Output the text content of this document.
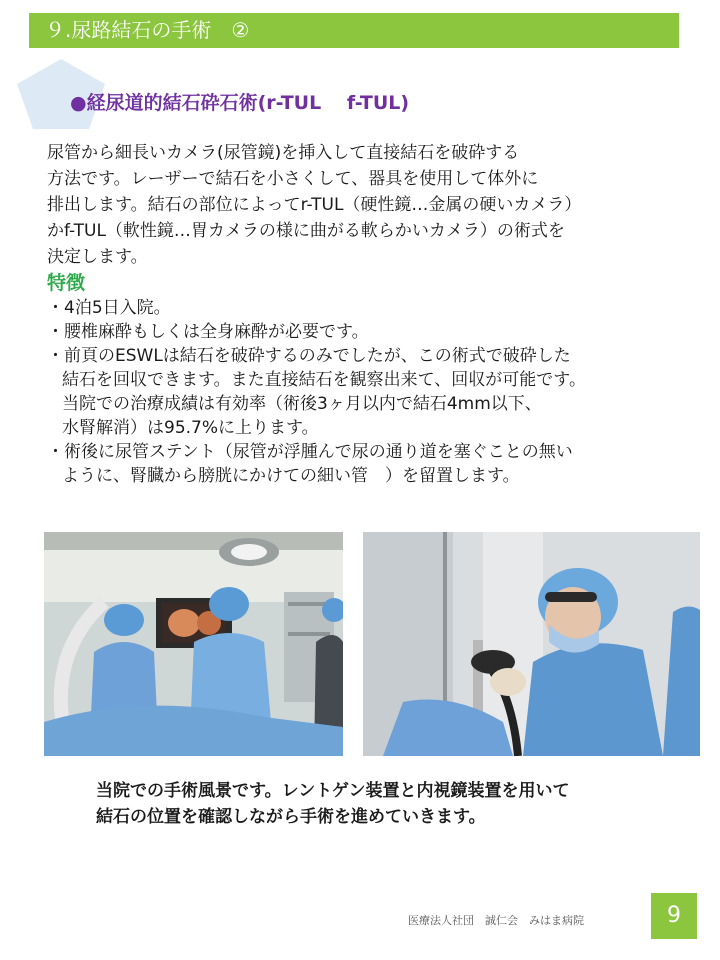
９.尿路結石の手術　②
●経尿道的結石砕石術(r-TUL　 f-TUL)
尿管から細長いカメラ(尿管鏡)を挿入して直接結石を破砕する
方法です。レーザーで結石を小さくして、器具を使用して体外に
排出します。結石の部位によってr-TUL（硬性鏡…金属の硬いカメラ）
かf-TUL（軟性鏡…胃カメラの様に曲がる軟らかいカメラ）の術式を
決定します。
特徴
・4泊5日入院。
・腰椎麻酔もしくは全身麻酔が必要です。
・前頁のESWLは結石を破砕するのみでしたが、この術式で破砕した
結石を回収できます。また直接結石を観察出来て、回収が可能です。
当院での治療成績は有効率（術後3ヶ月以内で結石4mm以下、
水腎解消）は95.7%に上ります。
・術後に尿管ステント（尿管が浮腫んで尿の通り道を塞ぐことの無い
ように、腎臓から膀胱にかけての細い管　）を留置します。
当院での手術風景です。レントゲン装置と内視鏡装置を用いて
結石の位置を確認しながら手術を進めていきます。
医療法人社団　誠仁会　みはま病院	9
